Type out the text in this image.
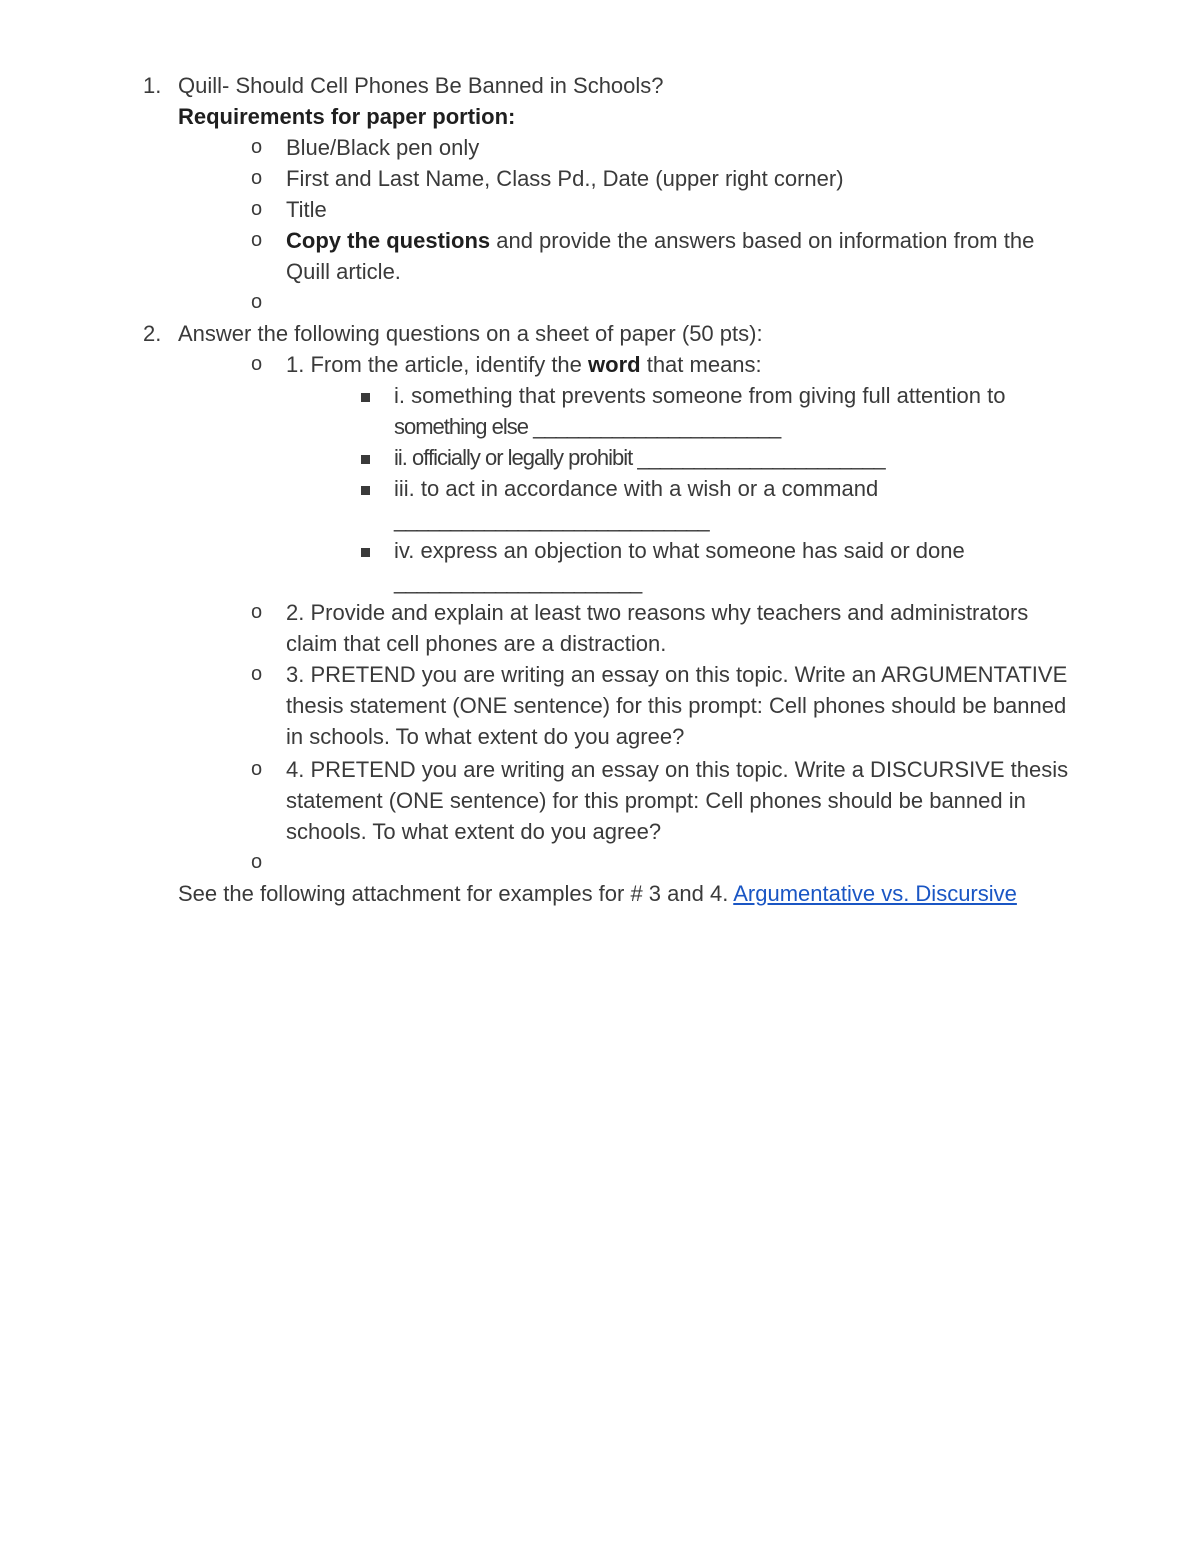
1. Quill- Should Cell Phones Be Banned in Schools?
Requirements for paper portion:
o Blue/Black pen only
o First and Last Name, Class Pd., Date (upper right corner)
o Title
o Copy the questions and provide the answers based on information from the
Quill article.
o
2. Answer the following questions on a sheet of paper (50 pts):
o 1. From the article, identify the word that means:
i. something that prevents someone from giving full attention to
something else ______________________
ii. officially or legally prohibit ______________________
iii. to act in accordance with a wish or a command
____________________________
iv. express an objection to what someone has said or done
______________________
o 2. Provide and explain at least two reasons why teachers and administrators
claim that cell phones are a distraction.
o 3. PRETEND you are writing an essay on this topic. Write an ARGUMENTATIVE
thesis statement (ONE sentence) for this prompt: Cell phones should be banned
in schools. To what extent do you agree?
o 4. PRETEND you are writing an essay on this topic. Write a DISCURSIVE thesis
statement (ONE sentence) for this prompt: Cell phones should be banned in
schools. To what extent do you agree?
o
See the following attachment for examples for # 3 and 4. Argumentative vs. Discursive
